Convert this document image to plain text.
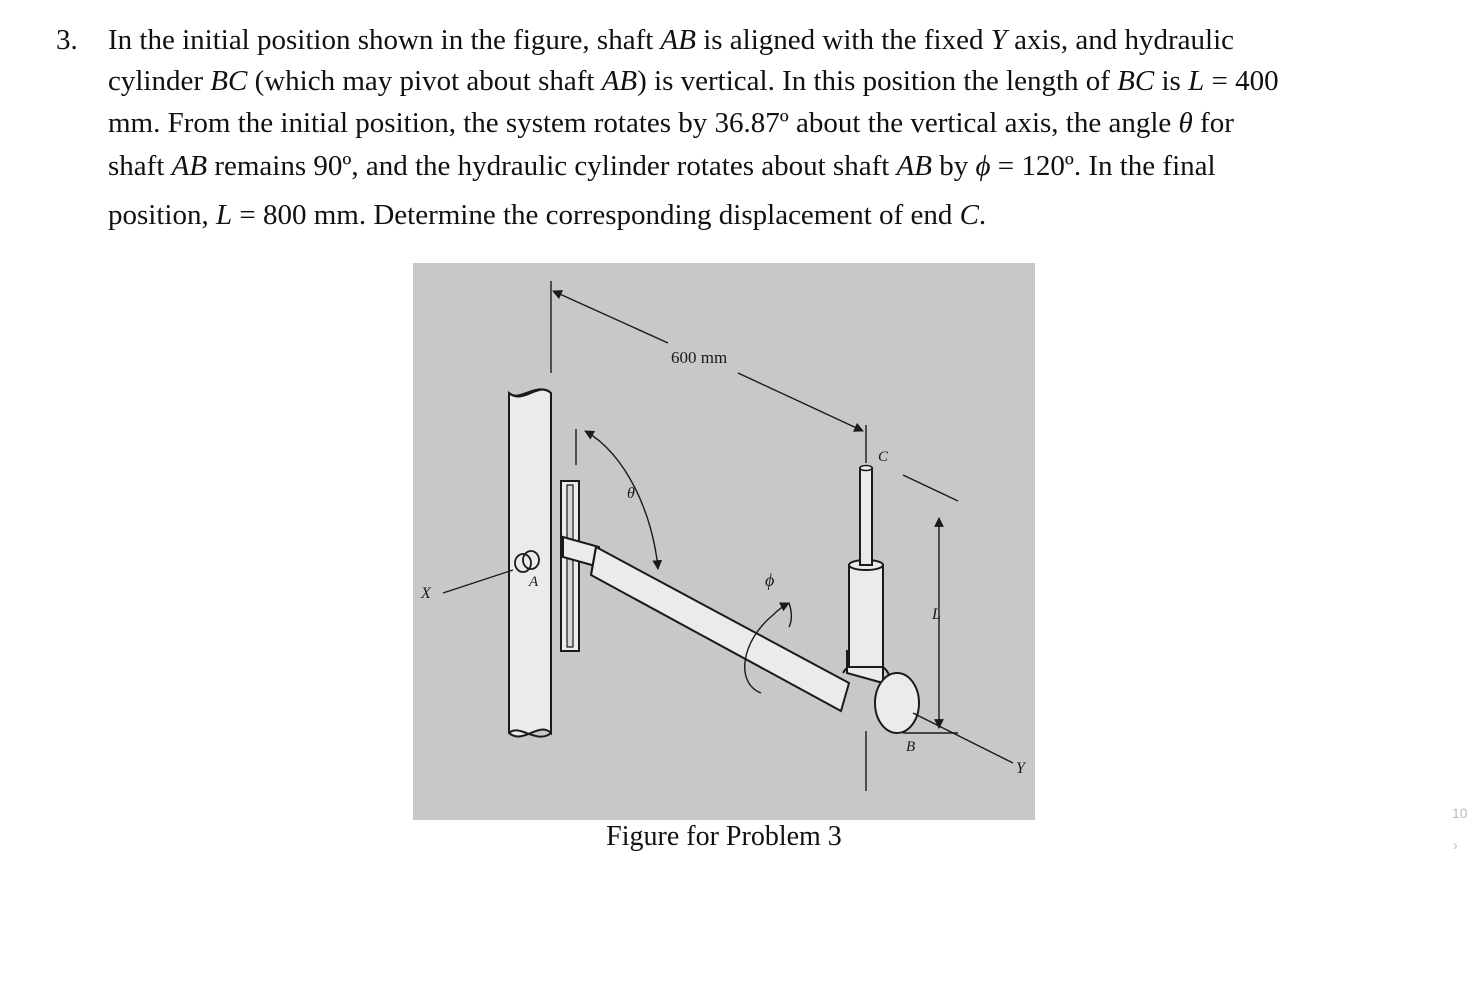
3. In the initial position shown in the figure, shaft AB is aligned with the fixed Y axis, and hydraulic
cylinder BC (which may pivot about shaft AB) is vertical. In this position the length of BC is L = 400
mm. From the initial position, the system rotates by 36.87º about the vertical axis, the angle θ for
shaft AB remains 90º, and the hydraulic cylinder rotates about shaft AB by ϕ = 120º. In the final
position, L = 800 mm. Determine the corresponding displacement of end C.
600 mm
L
θ
ϕ
C
A
X
B
Y
Figure for Problem 3
10
›
